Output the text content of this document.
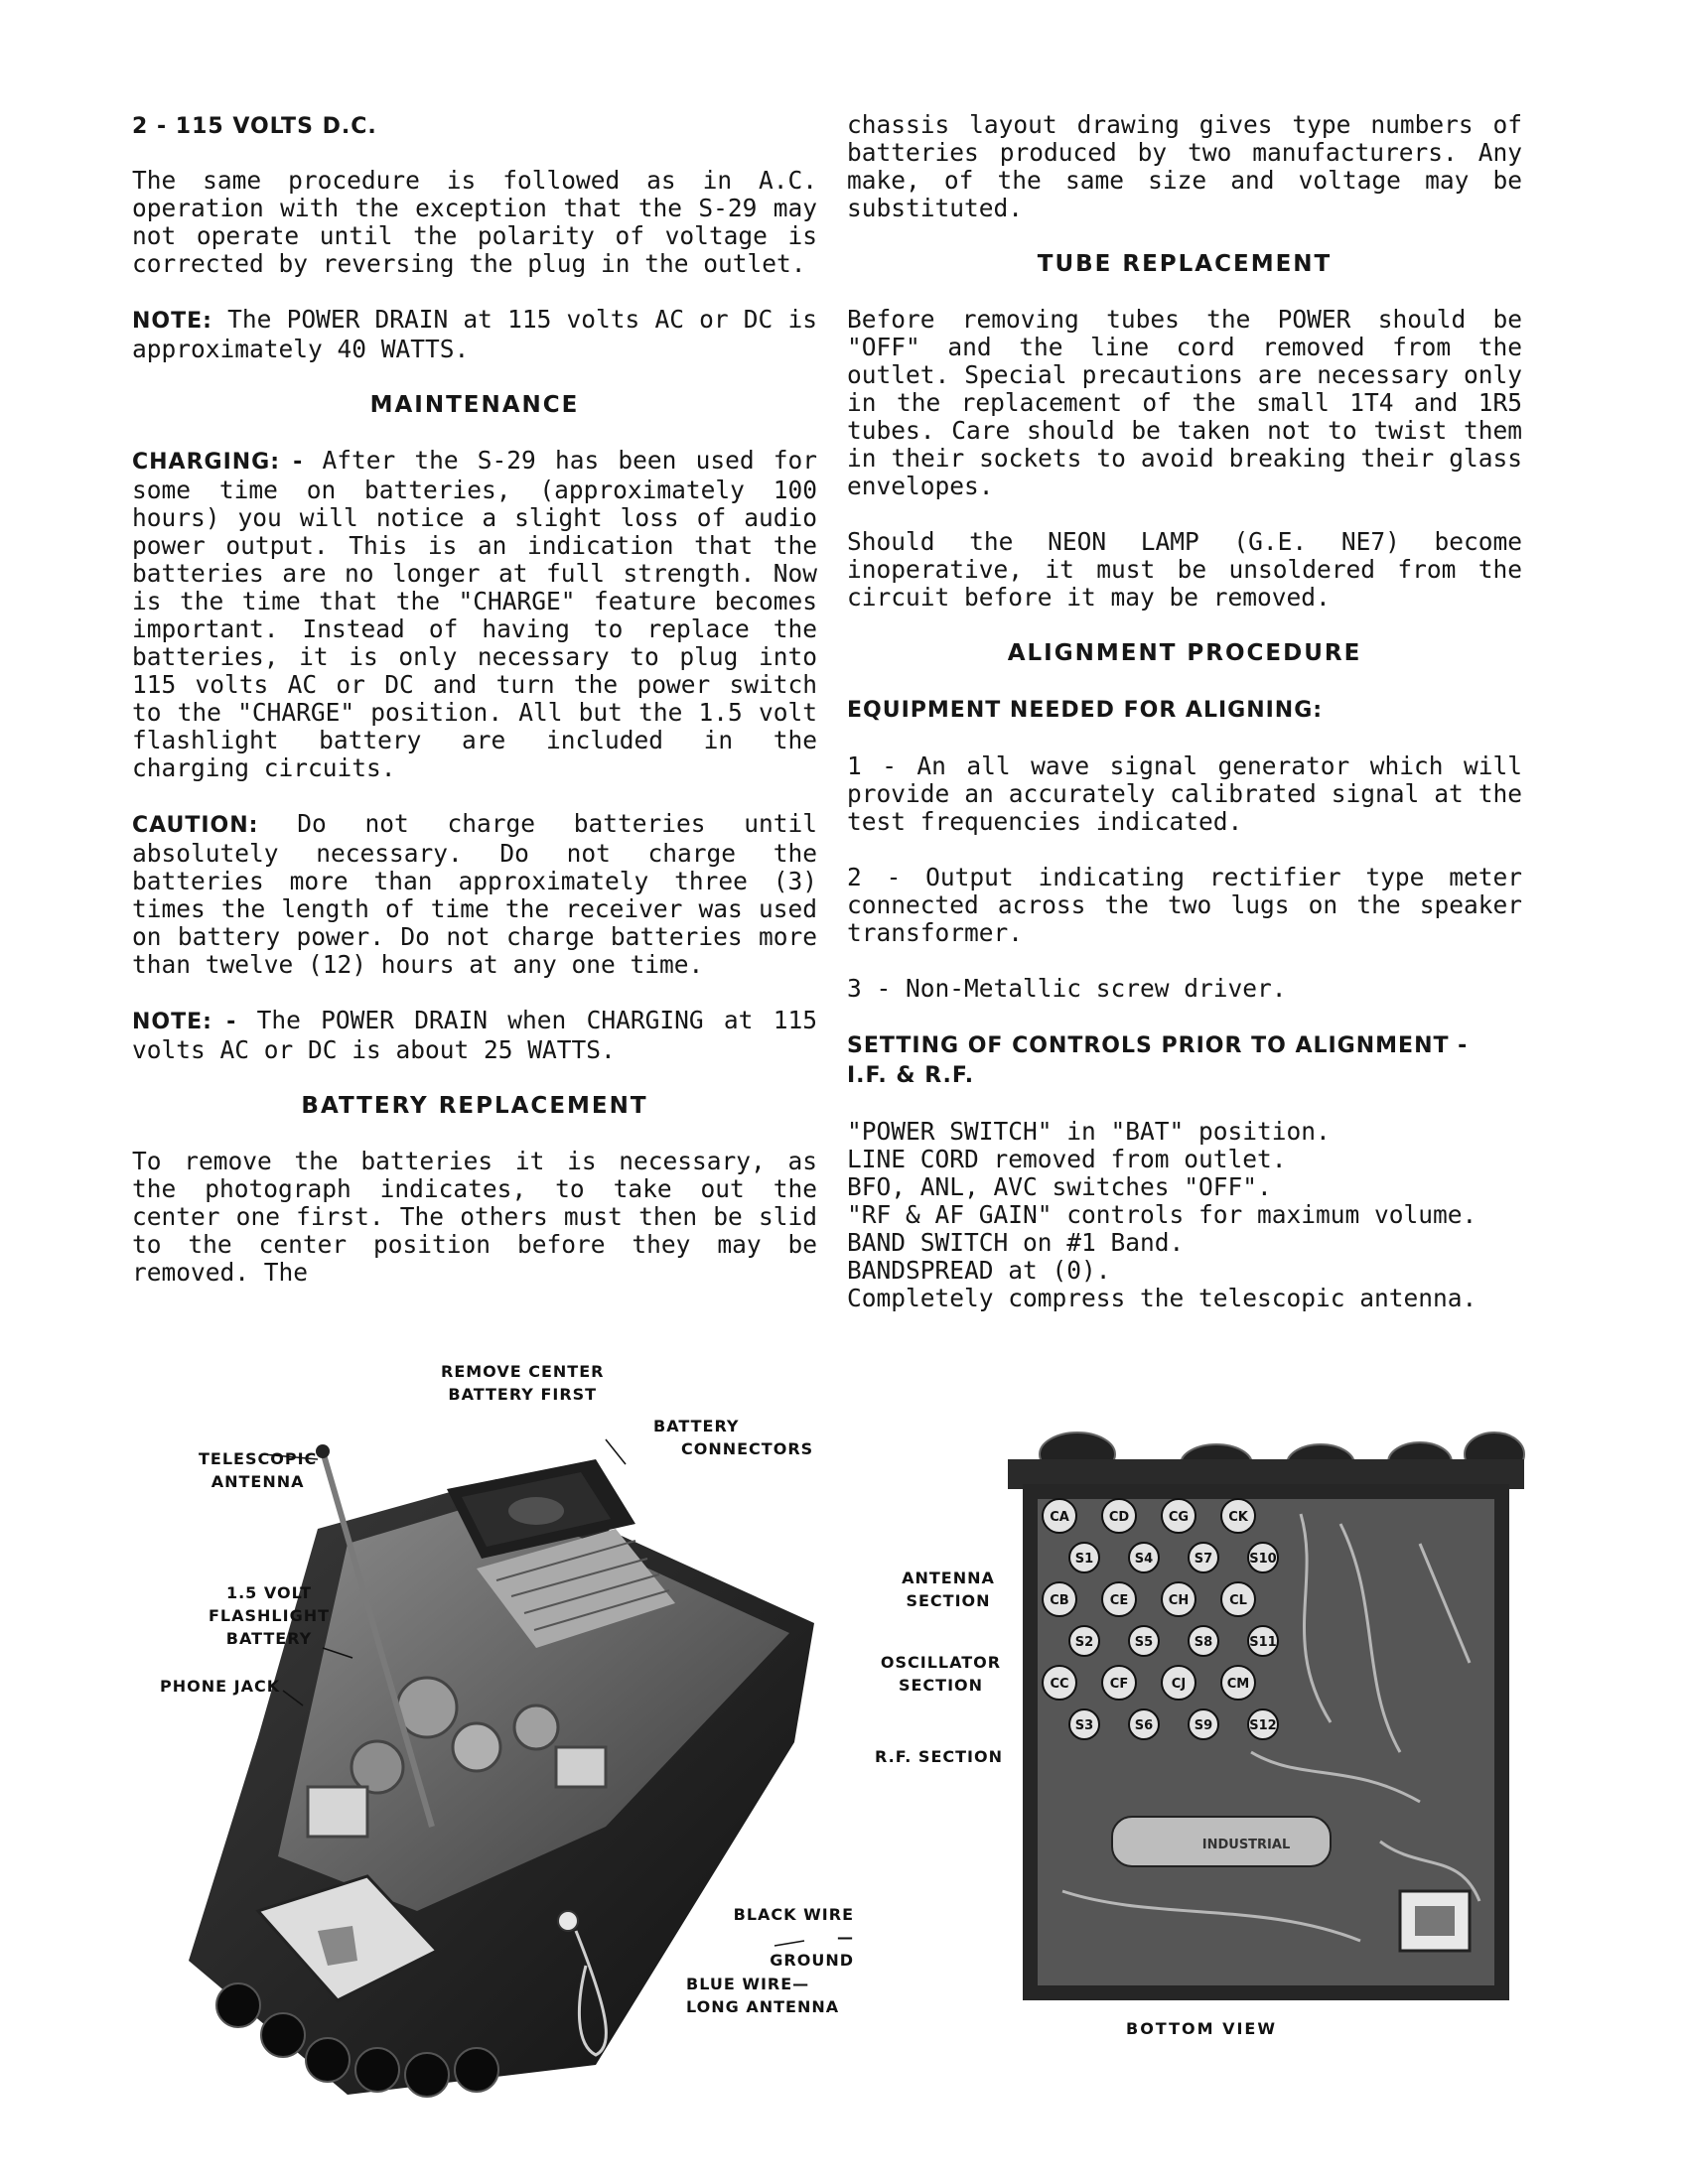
2 - 115 VOLTS D.C.

The same procedure is followed as in A.C. operation with the exception that the S-29 may not operate until the polarity of voltage is corrected by reversing the plug in the outlet.

NOTE: The POWER DRAIN at 115 volts AC or DC is approximately 40 WATTS.

MAINTENANCE

CHARGING: - After the S-29 has been used for some time on batteries, (approximately 100 hours) you will notice a slight loss of audio power output. This is an indication that the batteries are no longer at full strength. Now is the time that the "CHARGE" feature becomes important. Instead of having to replace the batteries, it is only necessary to plug into 115 volts AC or DC and turn the power switch to the "CHARGE" position. All but the 1.5 volt flashlight battery are included in the charging circuits.

CAUTION: Do not charge batteries until absolutely necessary. Do not charge the batteries more than approximately three (3) times the length of time the receiver was used on battery power. Do not charge batteries more than twelve (12) hours at any one time.

NOTE: - The POWER DRAIN when CHARGING at 115 volts AC or DC is about 25 WATTS.

BATTERY REPLACEMENT

To remove the batteries it is necessary, as the photograph indicates, to take out the center one first. The others must then be slid to the center position before they may be removed. The

chassis layout drawing gives type numbers of batteries produced by two manufacturers. Any make, of the same size and voltage may be substituted.

TUBE REPLACEMENT

Before removing tubes the POWER should be "OFF" and the line cord removed from the outlet. Special precautions are necessary only in the replacement of the small 1T4 and 1R5 tubes. Care should be taken not to twist them in their sockets to avoid breaking their glass envelopes.

Should the NEON LAMP (G.E. NE7) become inoperative, it must be unsoldered from the circuit before it may be removed.

ALIGNMENT PROCEDURE

EQUIPMENT NEEDED FOR ALIGNING:

1 - An all wave signal generator which will provide an accurately calibrated signal at the test frequencies indicated.

2 - Output indicating rectifier type meter connected across the two lugs on the speaker transformer.

3 - Non-Metallic screw driver.

SETTING OF CONTROLS PRIOR TO ALIGNMENT -
I.F. & R.F.

"POWER SWITCH" in "BAT" position.
LINE CORD removed from outlet.
BFO, ANL, AVC switches "OFF".
"RF & AF GAIN" controls for maximum volume.
BAND SWITCH on #1 Band.
BANDSPREAD at (0).
Completely compress the telescopic antenna.
REMOVE CENTER
BATTERY FIRST
BATTERY
CONNECTORS
TELESCOPIC
ANTENNA
1.5 VOLT
FLASHLIGHT
BATTERY
PHONE JACK
BLACK WIRE—
GROUND
BLUE WIRE—
LONG ANTENNA
CA	CD	CG	CK
S1	S4	S7	S10
CB	CE	CH	CL
S2	S5	S8	S11
CC	CF	CJ	CM
S3	S6	S9	S12
INDUSTRIAL
ANTENNA
SECTION
OSCILLATOR
SECTION
R.F. SECTION
BOTTOM VIEW
